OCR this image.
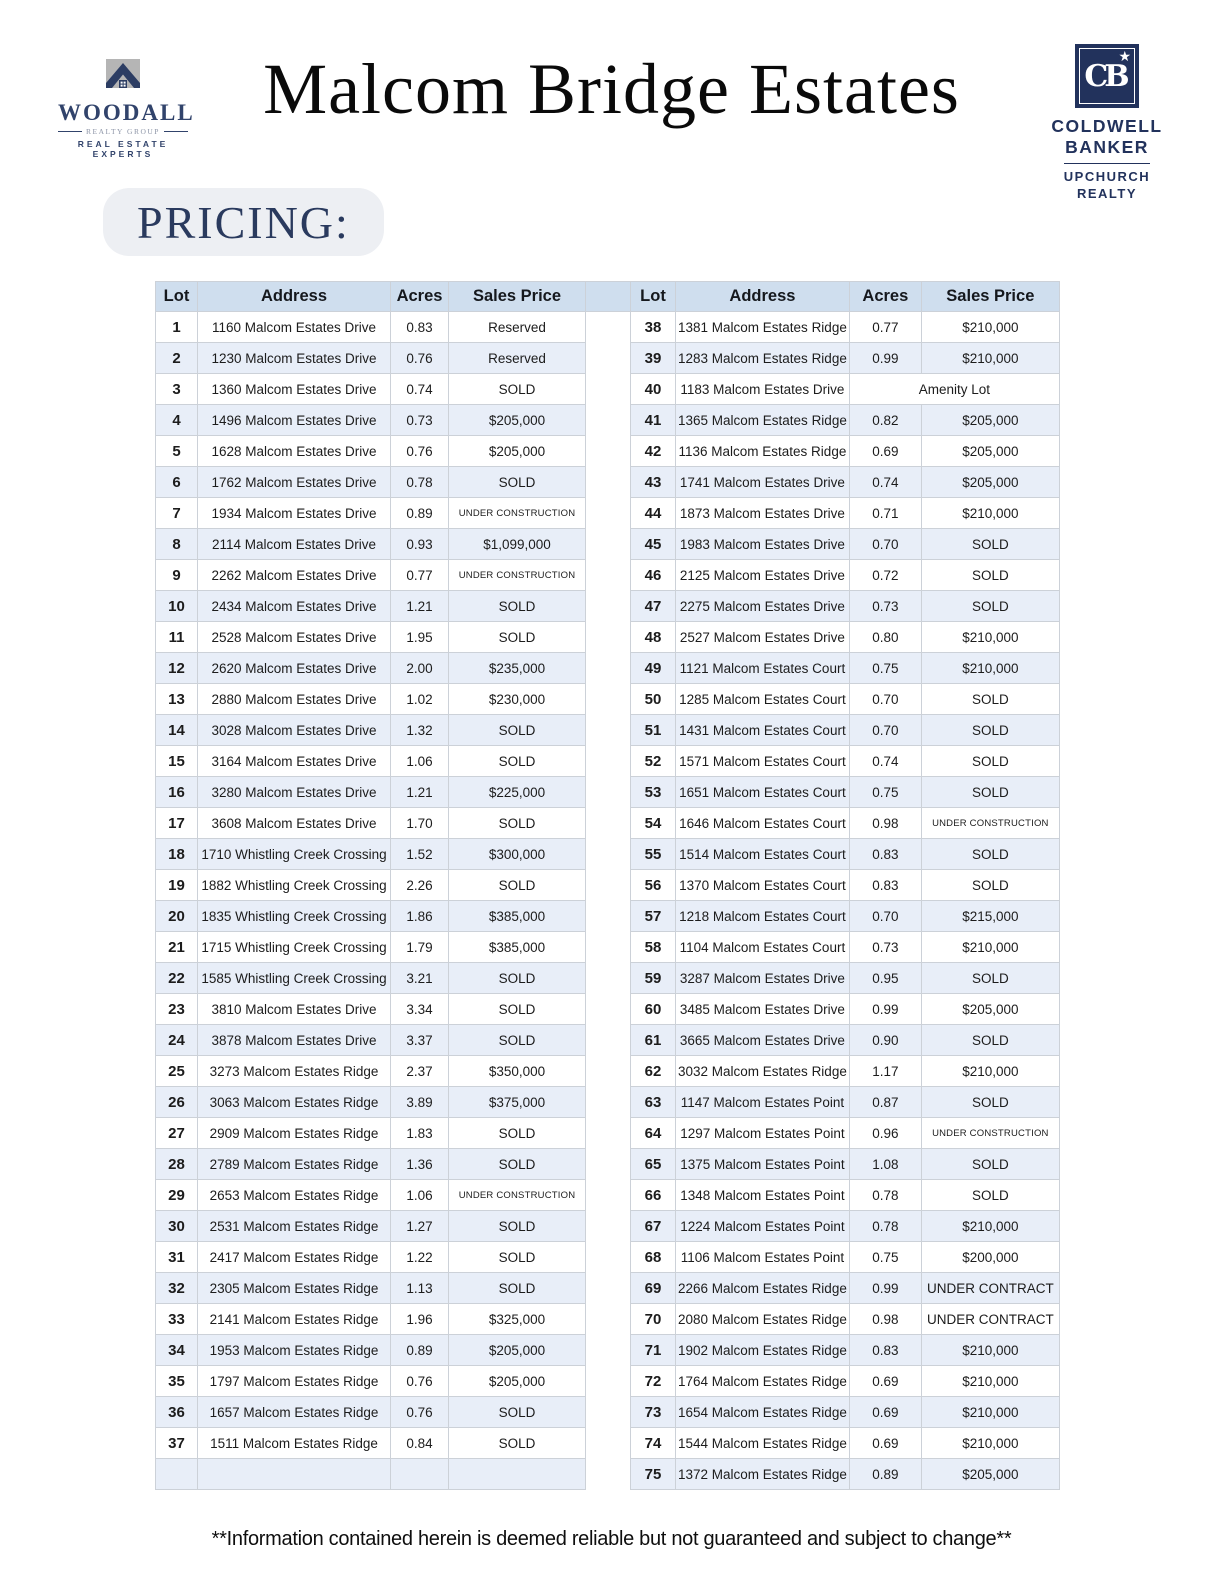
WOODALL
REALTY GROUP
REAL ESTATE EXPERTS
Malcom Bridge Estates	CB
★
COLDWELL
BANKER
UPCHURCH
REALTY
PRICING:
Lot	Address	Acres	Sales Price		Lot	Address	Acres	Sales Price
1	1160 Malcom Estates Drive	0.83	Reserved		38	1381 Malcom Estates Ridge	0.77	$210,000
2	1230 Malcom Estates Drive	0.76	Reserved		39	1283 Malcom Estates Ridge	0.99	$210,000
3	1360 Malcom Estates Drive	0.74	SOLD		40	1183 Malcom Estates Drive	Amenity Lot	
4	1496 Malcom Estates Drive	0.73	$205,000		41	1365 Malcom Estates Ridge	0.82	$205,000
5	1628 Malcom Estates Drive	0.76	$205,000		42	1136 Malcom Estates Ridge	0.69	$205,000
6	1762 Malcom Estates Drive	0.78	SOLD		43	1741 Malcom Estates Drive	0.74	$205,000
7	1934 Malcom Estates Drive	0.89	UNDER CONSTRUCTION		44	1873 Malcom Estates Drive	0.71	$210,000
8	2114 Malcom Estates Drive	0.93	$1,099,000		45	1983 Malcom Estates Drive	0.70	SOLD
9	2262 Malcom Estates Drive	0.77	UNDER CONSTRUCTION		46	2125 Malcom Estates Drive	0.72	SOLD
10	2434 Malcom Estates Drive	1.21	SOLD		47	2275 Malcom Estates Drive	0.73	SOLD
11	2528 Malcom Estates Drive	1.95	SOLD		48	2527 Malcom Estates Drive	0.80	$210,000
12	2620 Malcom Estates Drive	2.00	$235,000		49	1121 Malcom Estates Court	0.75	$210,000
13	2880 Malcom Estates Drive	1.02	$230,000		50	1285 Malcom Estates Court	0.70	SOLD
14	3028 Malcom Estates Drive	1.32	SOLD		51	1431 Malcom Estates Court	0.70	SOLD
15	3164 Malcom Estates Drive	1.06	SOLD		52	1571 Malcom Estates Court	0.74	SOLD
16	3280 Malcom Estates Drive	1.21	$225,000		53	1651 Malcom Estates Court	0.75	SOLD
17	3608 Malcom Estates Drive	1.70	SOLD		54	1646 Malcom Estates Court	0.98	UNDER CONSTRUCTION
18	1710 Whistling Creek Crossing	1.52	$300,000		55	1514 Malcom Estates Court	0.83	SOLD
19	1882 Whistling Creek Crossing	2.26	SOLD		56	1370 Malcom Estates Court	0.83	SOLD
20	1835 Whistling Creek Crossing	1.86	$385,000		57	1218 Malcom Estates Court	0.70	$215,000
21	1715 Whistling Creek Crossing	1.79	$385,000		58	1104 Malcom Estates Court	0.73	$210,000
22	1585 Whistling Creek Crossing	3.21	SOLD		59	3287 Malcom Estates Drive	0.95	SOLD
23	3810 Malcom Estates Drive	3.34	SOLD		60	3485 Malcom Estates Drive	0.99	$205,000
24	3878 Malcom Estates Drive	3.37	SOLD		61	3665 Malcom Estates Drive	0.90	SOLD
25	3273 Malcom Estates Ridge	2.37	$350,000		62	3032 Malcom Estates Ridge	1.17	$210,000
26	3063 Malcom Estates Ridge	3.89	$375,000		63	1147 Malcom Estates Point	0.87	SOLD
27	2909 Malcom Estates Ridge	1.83	SOLD		64	1297 Malcom Estates Point	0.96	UNDER CONSTRUCTION
28	2789 Malcom Estates Ridge	1.36	SOLD		65	1375 Malcom Estates Point	1.08	SOLD
29	2653 Malcom Estates Ridge	1.06	UNDER CONSTRUCTION		66	1348 Malcom Estates Point	0.78	SOLD
30	2531 Malcom Estates Ridge	1.27	SOLD		67	1224 Malcom Estates Point	0.78	$210,000
31	2417 Malcom Estates Ridge	1.22	SOLD		68	1106 Malcom Estates Point	0.75	$200,000
32	2305 Malcom Estates Ridge	1.13	SOLD		69	2266 Malcom Estates Ridge	0.99	UNDER CONTRACT
33	2141 Malcom Estates Ridge	1.96	$325,000		70	2080 Malcom Estates Ridge	0.98	UNDER CONTRACT
34	1953 Malcom Estates Ridge	0.89	$205,000		71	1902 Malcom Estates Ridge	0.83	$210,000
35	1797 Malcom Estates Ridge	0.76	$205,000		72	1764 Malcom Estates Ridge	0.69	$210,000
36	1657 Malcom Estates Ridge	0.76	SOLD		73	1654 Malcom Estates Ridge	0.69	$210,000
37	1511 Malcom Estates Ridge	0.84	SOLD		74	1544 Malcom Estates Ridge	0.69	$210,000
					75	1372 Malcom Estates Ridge	0.89	$205,000
**Information contained herein is deemed reliable but not guaranteed and subject to change**
